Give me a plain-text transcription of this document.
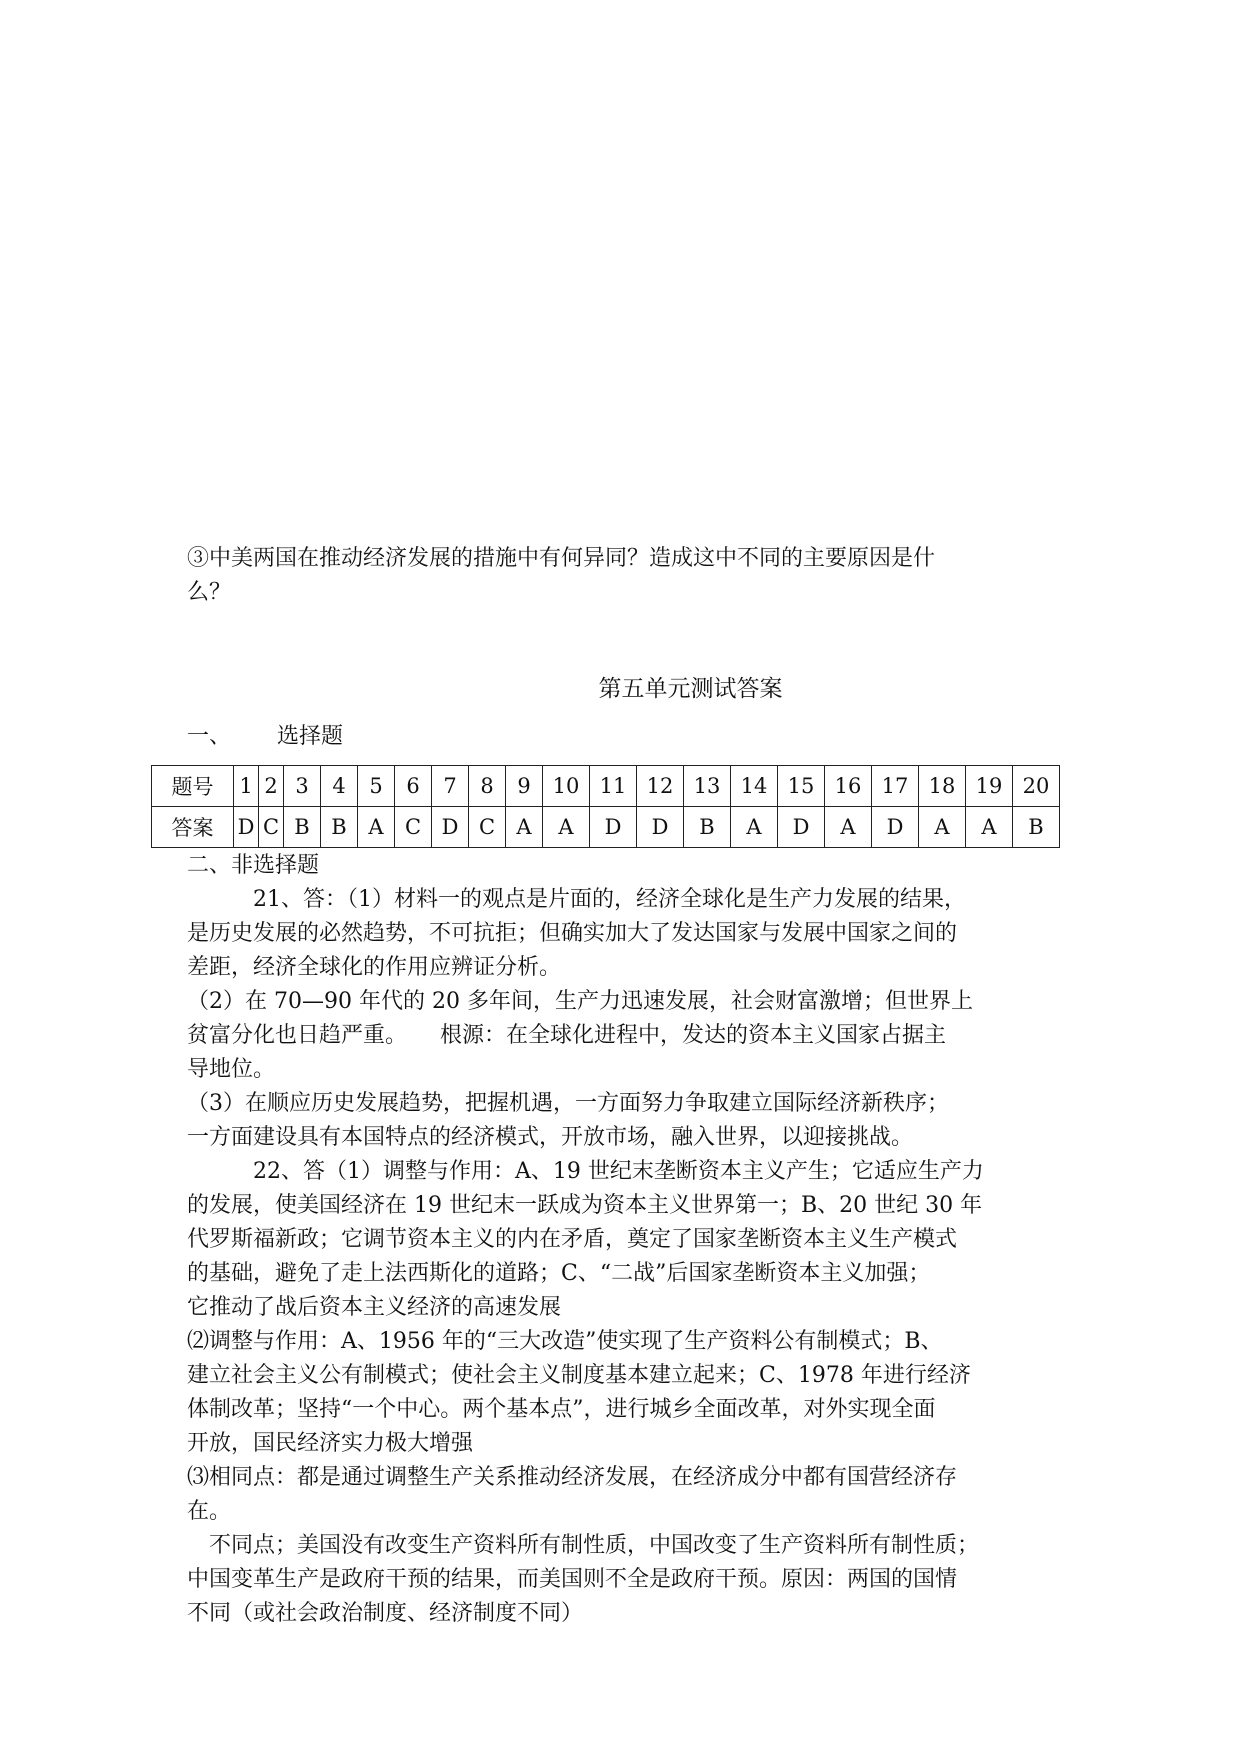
③中美两国在推动经济发展的措施中有何异同？造成这中不同的主要原因是什
么？
第五单元测试答案
一、 选择题
题号	1	2	3	4	5	6	7	8	9	10	11	12	13	14	15	16	17	18	19	20
答案	D	C	B	B	A	C	D	C	A	A	D	D	B	A	D	A	D	A	A	B
二、非选择题
21、答：（1）材料一的观点是片面的，经济全球化是生产力发展的结果，
是历史发展的必然趋势，不可抗拒；但确实加大了发达国家与发展中国家之间的
差距，经济全球化的作用应辨证分析。
（2）在 70—90 年代的 20 多年间，生产力迅速发展，社会财富激增；但世界上
贫富分化也日趋严重。　　根源：在全球化进程中，发达的资本主义国家占据主
导地位。
（3）在顺应历史发展趋势，把握机遇，一方面努力争取建立国际经济新秩序；
一方面建设具有本国特点的经济模式，开放市场，融入世界，以迎接挑战。
22、答（1）调整与作用：A、19 世纪末垄断资本主义产生；它适应生产力
的发展，使美国经济在 19 世纪末一跃成为资本主义世界第一；B、20 世纪 30 年
代罗斯福新政；它调节资本主义的内在矛盾，奠定了国家垄断资本主义生产模式
的基础，避免了走上法西斯化的道路；C、“二战”后国家垄断资本主义加强；
它推动了战后资本主义经济的高速发展
⑵调整与作用：A、1956 年的“三大改造”使实现了生产资料公有制模式；B、
建立社会主义公有制模式；使社会主义制度基本建立起来；C、1978 年进行经济
体制改革；坚持“一个中心。两个基本点”，进行城乡全面改革，对外实现全面
开放，国民经济实力极大增强
⑶相同点：都是通过调整生产关系推动经济发展，在经济成分中都有国营经济存
在。
不同点；美国没有改变生产资料所有制性质，中国改变了生产资料所有制性质；
中国变革生产是政府干预的结果，而美国则不全是政府干预。原因：两国的国情
不同（或社会政治制度、经济制度不同）
